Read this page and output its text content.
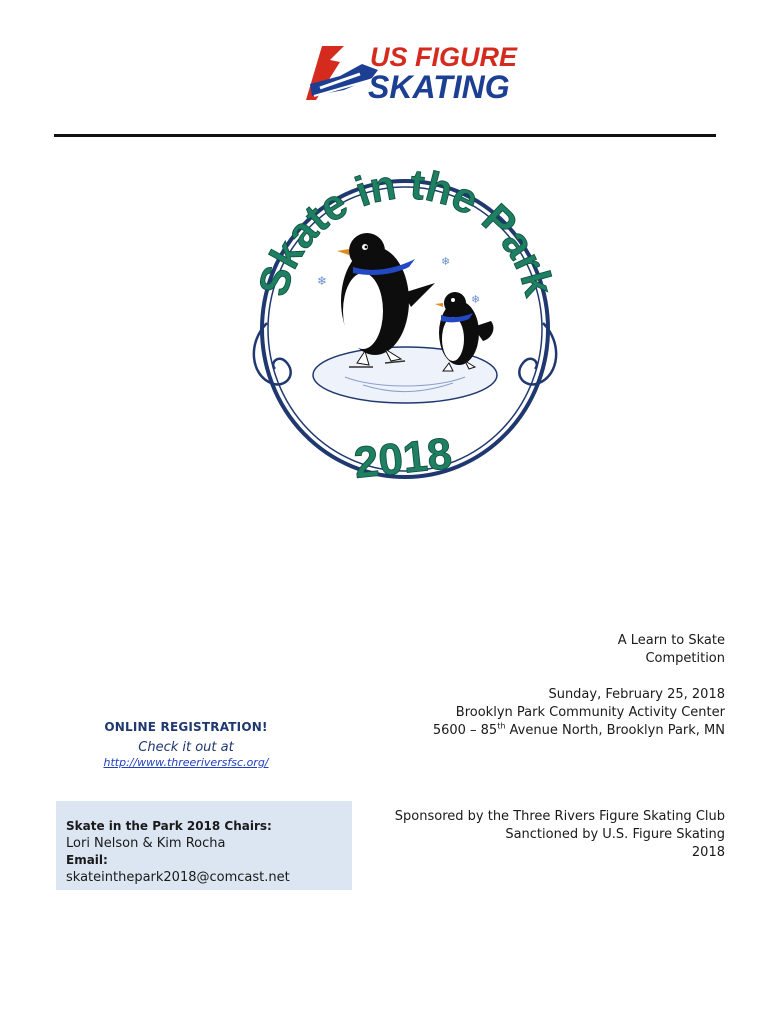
US FIGURE
SKATING
Skate in the Park
❄
❄
❄
2018
A Learn to Skate
Competition
Sunday, February 25, 2018
Brooklyn Park Community Activity Center
5600 – 85th Avenue North, Brooklyn Park, MN
Sponsored by the Three Rivers Figure Skating Club
Sanctioned by U.S. Figure Skating
2018
ONLINE REGISTRATION!
Check it out at
http://www.threeriversfsc.org/
Skate in the Park 2018 Chairs:
Lori Nelson & Kim Rocha
Email:
skateinthepark2018@comcast.net
